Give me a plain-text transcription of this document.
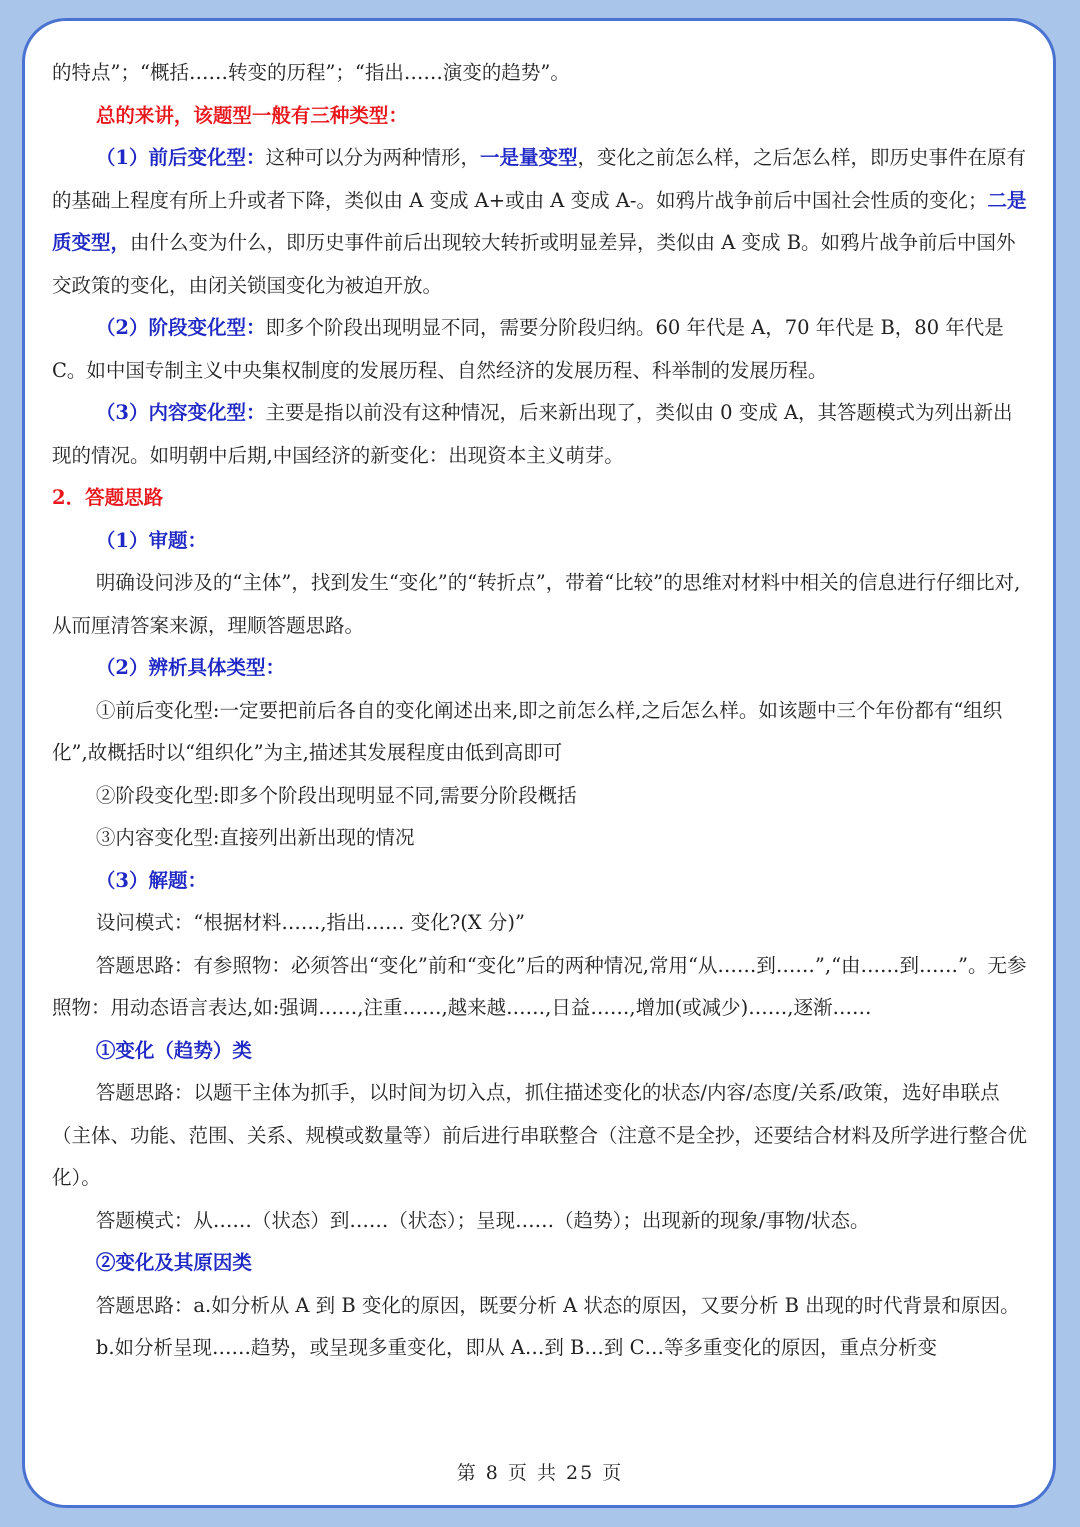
的特点”；“概括……转变的历程”；“指出……演变的趋势”。

总的来讲，该题型一般有三种类型：

（1）前后变化型：这种可以分为两种情形，一是量变型，变化之前怎么样，之后怎么样，即历史事件在原有的基础上程度有所上升或者下降，类似由 A 变成 A+或由 A 变成 A-。如鸦片战争前后中国社会性质的变化；二是质变型，由什么变为什么，即历史事件前后出现较大转折或明显差异，类似由 A 变成 B。如鸦片战争前后中国外交政策的变化，由闭关锁国变化为被迫开放。

（2）阶段变化型：即多个阶段出现明显不同，需要分阶段归纳。60 年代是 A，70 年代是 B，80 年代是 C。如中国专制主义中央集权制度的发展历程、自然经济的发展历程、科举制的发展历程。

（3）内容变化型：主要是指以前没有这种情况，后来新出现了，类似由 0 变成 A，其答题模式为列出新出现的情况。如明朝中后期,中国经济的新变化：出现资本主义萌芽。

2．答题思路

（1）审题：

明确设问涉及的“主体”，找到发生“变化”的“转折点”，带着“比较”的思维对材料中相关的信息进行仔细比对,从而厘清答案来源，理顺答题思路。

（2）辨析具体类型：

①前后变化型:一定要把前后各自的变化阐述出来,即之前怎么样,之后怎么样。如该题中三个年份都有“组织化”,故概括时以“组织化”为主,描述其发展程度由低到高即可

②阶段变化型:即多个阶段出现明显不同,需要分阶段概括

③内容变化型:直接列出新出现的情况

（3）解题：

设问模式：“根据材料……,指出…… 变化?(X 分)”

答题思路：有参照物：必须答出“变化”前和“变化”后的两种情况,常用“从……到……”,“由……到……”。无参照物：用动态语言表达,如:强调……,注重……,越来越……,日益……,增加(或减少)……,逐渐……

①变化（趋势）类

答题思路：以题干主体为抓手，以时间为切入点，抓住描述变化的状态/内容/态度/关系/政策，选好串联点（主体、功能、范围、关系、规模或数量等）前后进行串联整合（注意不是全抄，还要结合材料及所学进行整合优化）。

答题模式：从……（状态）到……（状态）；呈现……（趋势）；出现新的现象/事物/状态。

②变化及其原因类

答题思路：a.如分析从 A 到 B 变化的原因，既要分析 A 状态的原因，又要分析 B 出现的时代背景和原因。

b.如分析呈现……趋势，或呈现多重变化，即从 A…到 B…到 C…等多重变化的原因，重点分析变

第 8 页 共 25 页
